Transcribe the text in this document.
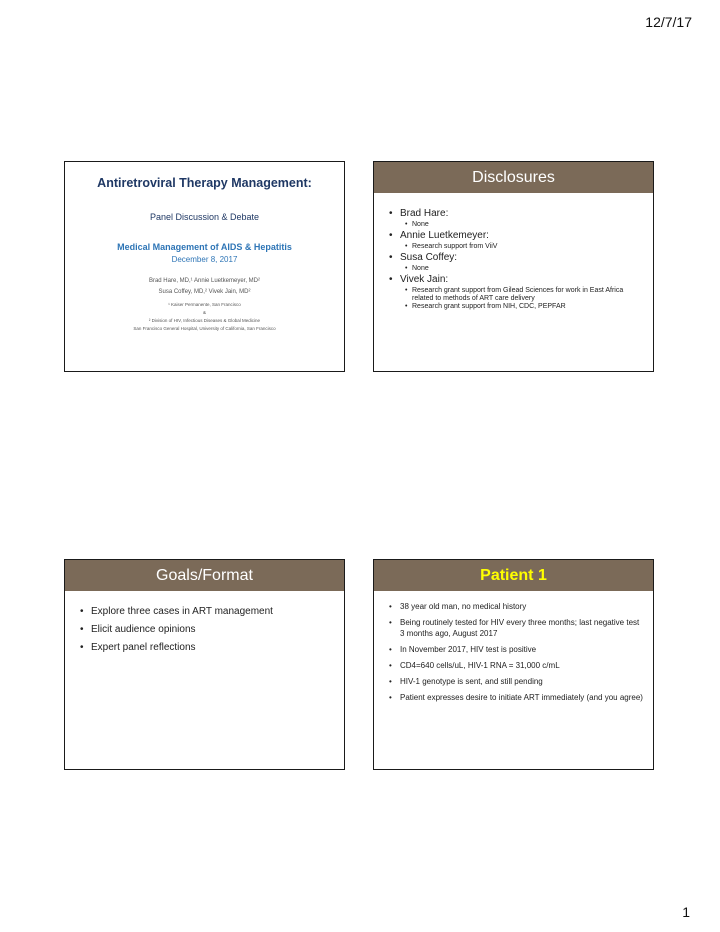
12/7/17
Antiretroviral Therapy Management:
Panel Discussion & Debate
Medical Management of AIDS & Hepatitis
December 8, 2017
Brad Hare, MD,¹ Annie Luetkemeyer, MD²
Susa Coffey, MD,² Vivek Jain, MD²
¹ Kaiser Permanente, San Francisco
&
² Division of HIV, Infectious Diseases & Global Medicine
San Francisco General Hospital, University of California, San Francisco
Disclosures
• Brad Hare:
• None
• Annie Luetkemeyer:
• Research support from ViiV
• Susa Coffey:
• None
• Vivek Jain:
• Research grant support from Gilead Sciences for work in East Africa related to methods of ART care delivery
• Research grant support from NIH, CDC, PEPFAR
Goals/Format
• Explore three cases in ART management
• Elicit audience opinions
• Expert panel reflections
Patient 1
• 38 year old man, no medical history
• Being routinely tested for HIV every three months; last negative test 3 months ago, August 2017
• In November 2017, HIV test is positive
• CD4=640 cells/uL, HIV-1 RNA = 31,000 c/mL
• HIV-1 genotype is sent, and still pending
• Patient expresses desire to initiate ART immediately (and you agree)
1
